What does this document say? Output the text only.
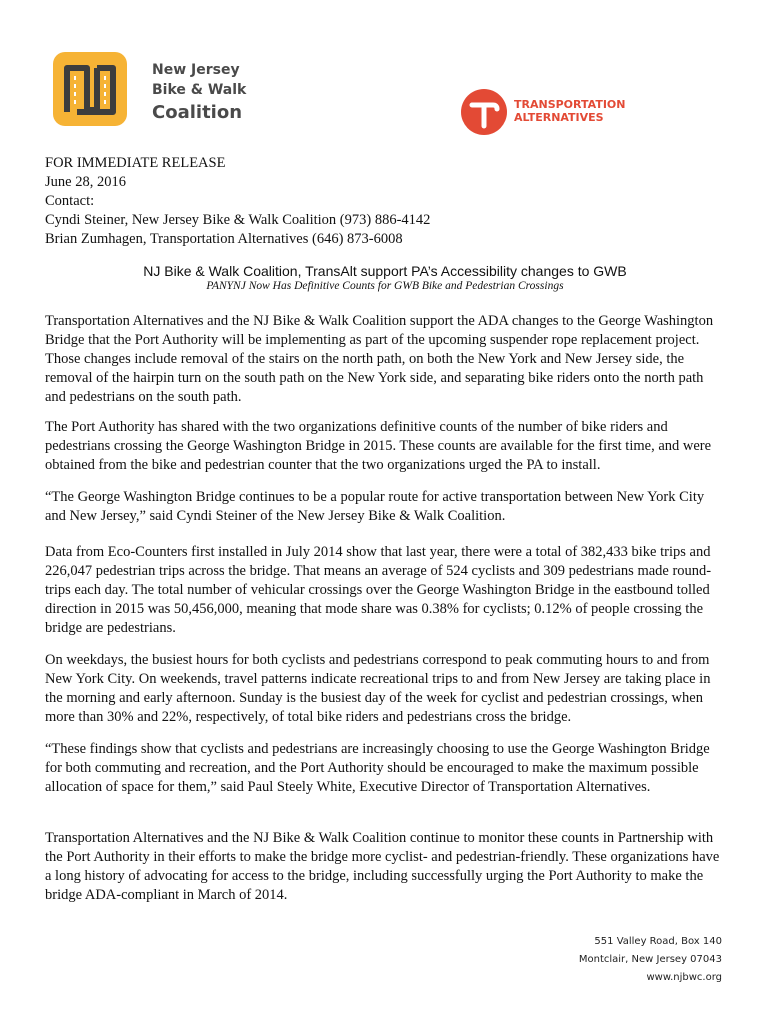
New Jersey
Bike & Walk
Coalition	TRANSPORTATION
ALTERNATIVES
FOR IMMEDIATE RELEASE
June 28, 2016
Contact:
Cyndi Steiner, New Jersey Bike & Walk Coalition (973) 886-4142
Brian Zumhagen, Transportation Alternatives (646) 873-6008
NJ Bike & Walk Coalition, TransAlt support PA’s Accessibility changes to GWB
PANYNJ Now Has Definitive Counts for GWB Bike and Pedestrian Crossings

Transportation Alternatives and the NJ Bike & Walk Coalition support the ADA changes to the George Washington Bridge that the Port Authority will be implementing as part of the upcoming suspender rope replacement project. Those changes include removal of the stairs on the north path, on both the New York and New Jersey side, the removal of the hairpin turn on the south path on the New York side, and separating bike riders onto the north path and pedestrians on the south path.

The Port Authority has shared with the two organizations definitive counts of the number of bike riders and pedestrians crossing the George Washington Bridge in 2015. These counts are available for the first time, and were obtained from the bike and pedestrian counter that the two organizations urged the PA to install.

“The George Washington Bridge continues to be a popular route for active transportation between New York City and New Jersey,” said Cyndi Steiner of the New Jersey Bike & Walk Coalition.

Data from Eco-Counters first installed in July 2014 show that last year, there were a total of 382,433 bike trips and 226,047 pedestrian trips across the bridge. That means an average of 524 cyclists and 309 pedestrians made round-trips each day. The total number of vehicular crossings over the George Washington Bridge in the eastbound tolled direction in 2015 was 50,456,000, meaning that mode share was 0.38% for cyclists; 0.12% of people crossing the bridge are pedestrians.

On weekdays, the busiest hours for both cyclists and pedestrians correspond to peak commuting hours to and from New York City. On weekends, travel patterns indicate recreational trips to and from New Jersey are taking place in the morning and early afternoon. Sunday is the busiest day of the week for cyclist and pedestrian crossings, when more than 30% and 22%, respectively, of total bike riders and pedestrians cross the bridge.

“These findings show that cyclists and pedestrians are increasingly choosing to use the George Washington Bridge for both commuting and recreation, and the Port Authority should be encouraged to make the maximum possible allocation of space for them,” said Paul Steely White, Executive Director of Transportation Alternatives.

Transportation Alternatives and the NJ Bike & Walk Coalition continue to monitor these counts in Partnership with the Port Authority in their efforts to make the bridge more cyclist- and pedestrian-friendly. These organizations have a long history of advocating for access to the bridge, including successfully urging the Port Authority to make the bridge ADA-compliant in March of 2014.

551 Valley Road, Box 140
Montclair, New Jersey 07043
www.njbwc.org
